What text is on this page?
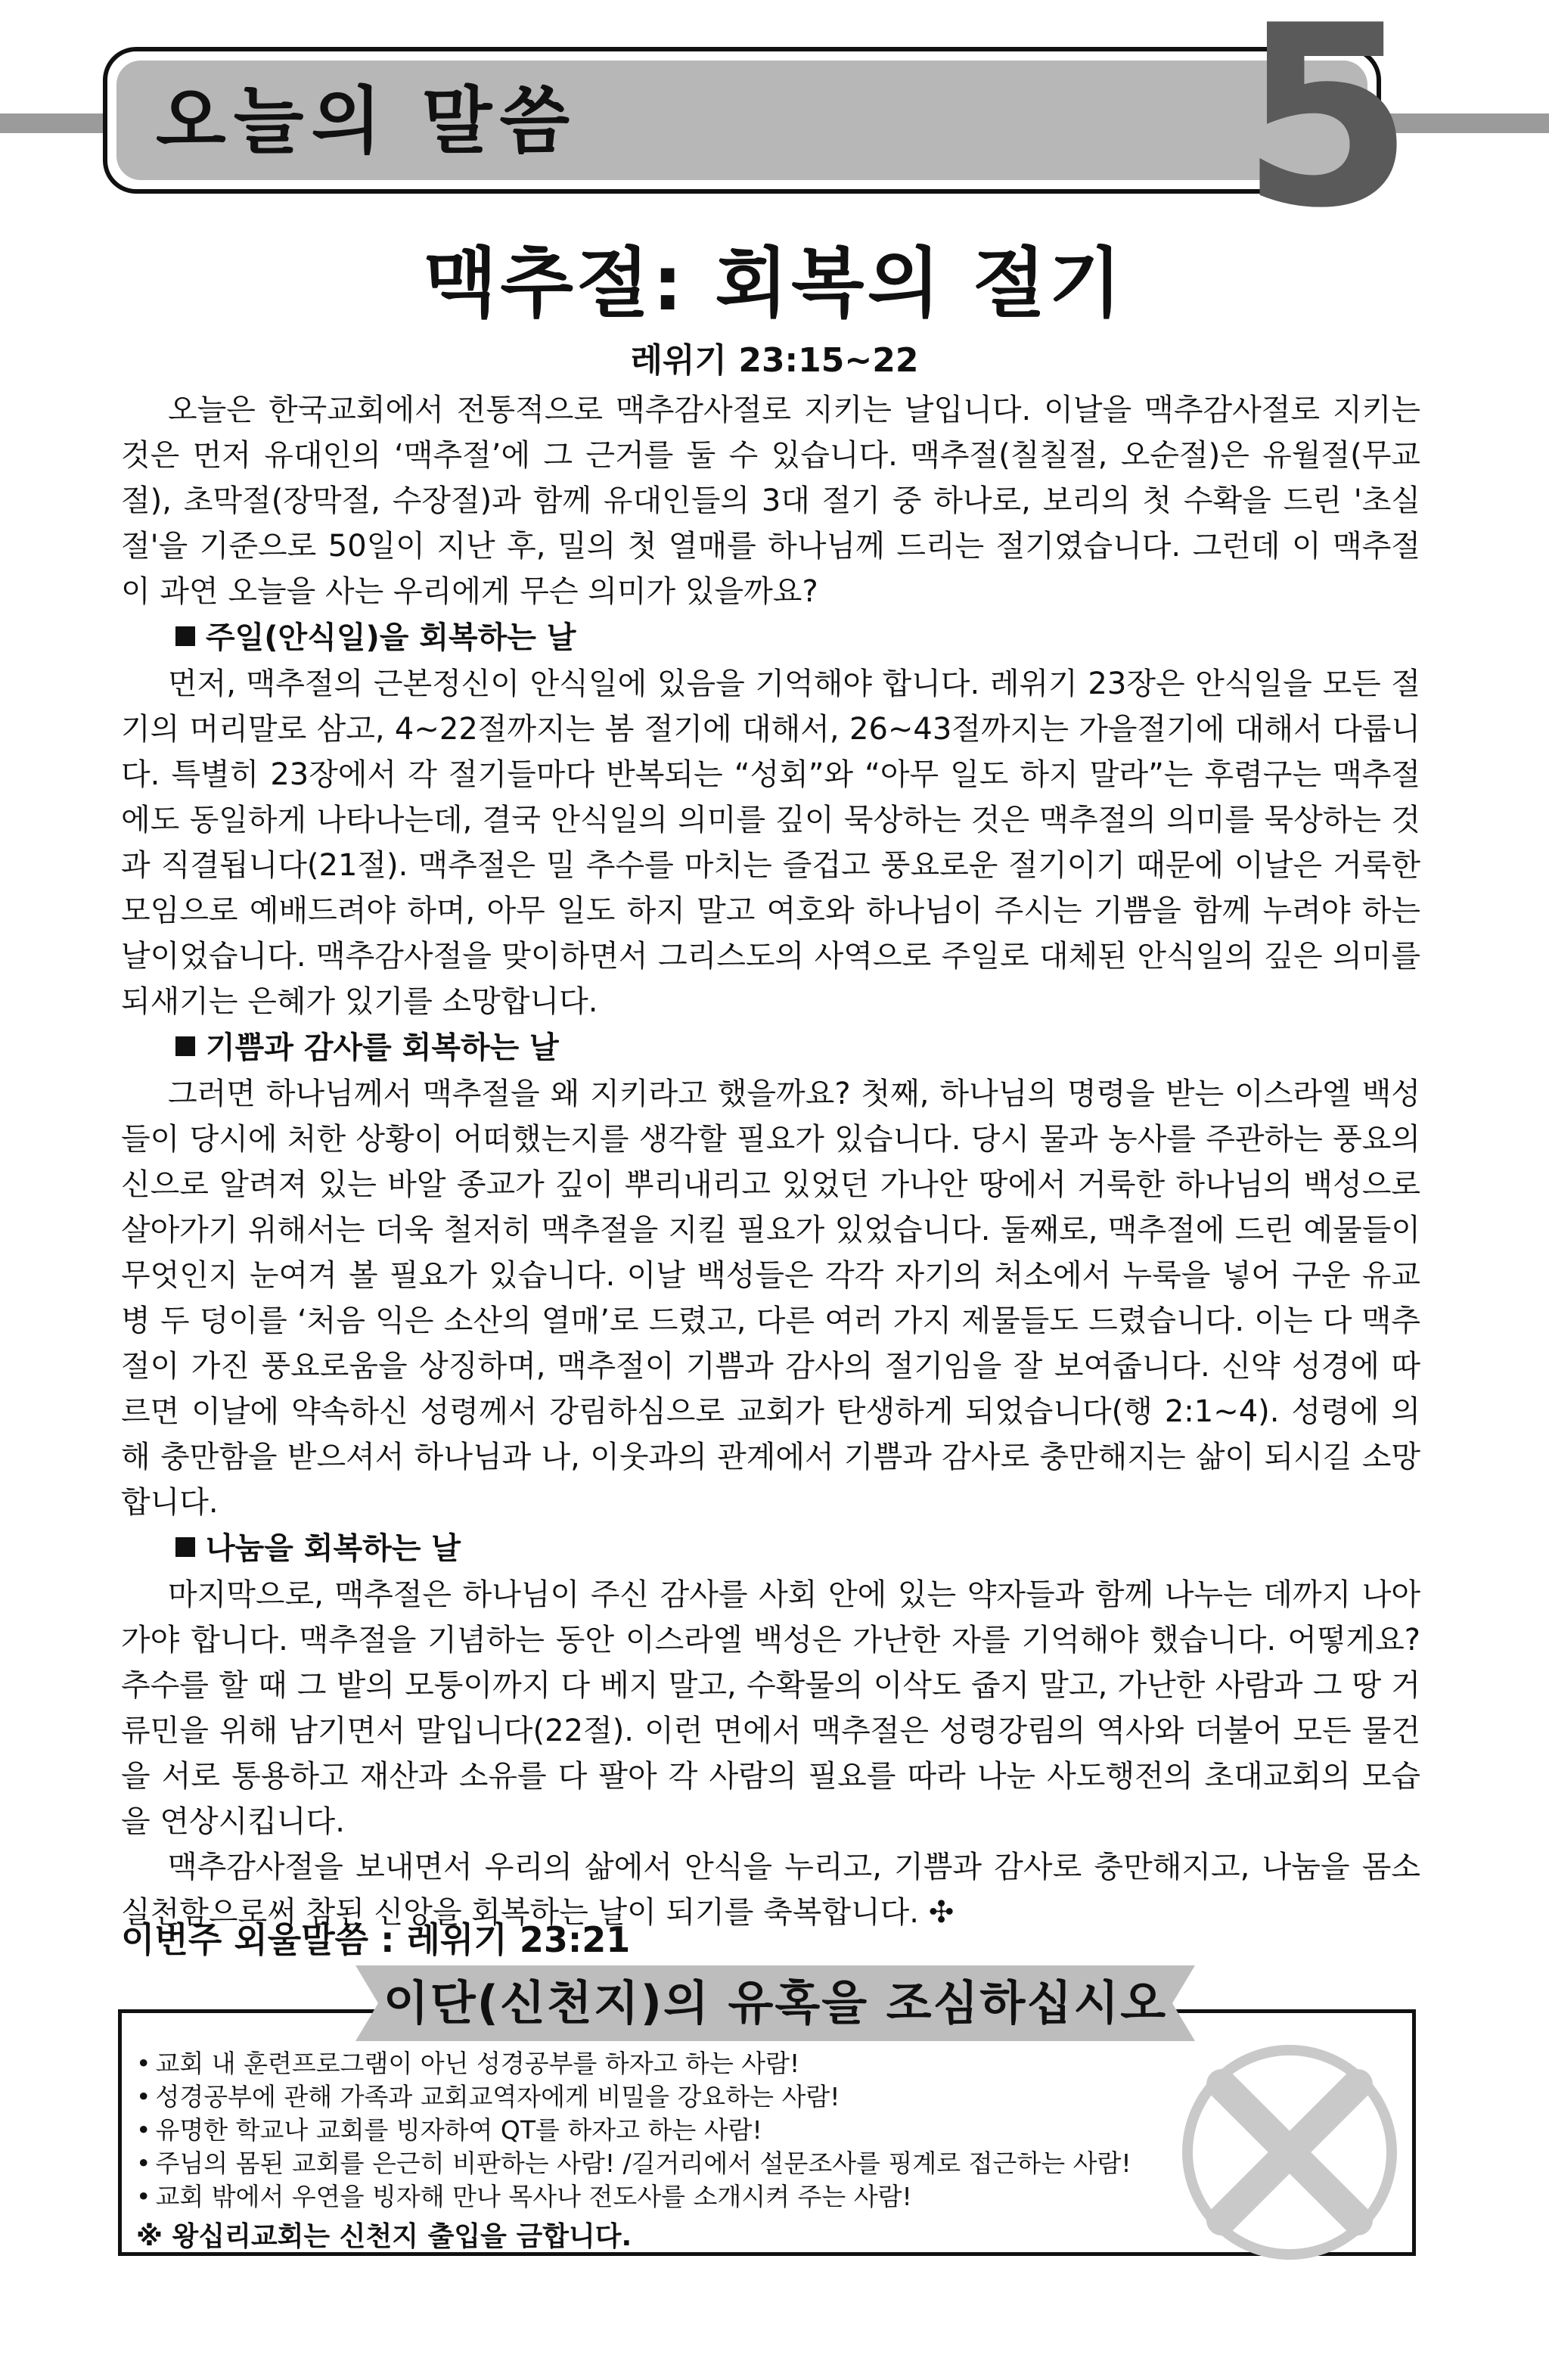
오늘의 말씀	5
맥추절: 회복의 절기
레위기 23:15~22

오늘은 한국교회에서 전통적으로 맥추감사절로 지키는 날입니다. 이날을 맥추감사절로 지키는 것은 먼저 유대인의 ‘맥추절’에 그 근거를 둘 수 있습니다. 맥추절(칠칠절, 오순절)은 유월절(무교절), 초막절(장막절, 수장절)과 함께 유대인들의 3대 절기 중 하나로, 보리의 첫 수확을 드린 '초실절'을 기준으로 50일이 지난 후, 밀의 첫 열매를 하나님께 드리는 절기였습니다. 그런데 이 맥추절이 과연 오늘을 사는 우리에게 무슨 의미가 있을까요?

주일(안식일)을 회복하는 날

먼저, 맥추절의 근본정신이 안식일에 있음을 기억해야 합니다. 레위기 23장은 안식일을 모든 절기의 머리말로 삼고, 4~22절까지는 봄 절기에 대해서, 26~43절까지는 가을절기에 대해서 다룹니다. 특별히 23장에서 각 절기들마다 반복되는 “성회”와 “아무 일도 하지 말라”는 후렴구는 맥추절에도 동일하게 나타나는데, 결국 안식일의 의미를 깊이 묵상하는 것은 맥추절의 의미를 묵상하는 것과 직결됩니다(21절). 맥추절은 밀 추수를 마치는 즐겁고 풍요로운 절기이기 때문에 이날은 거룩한 모임으로 예배드려야 하며, 아무 일도 하지 말고 여호와 하나님이 주시는 기쁨을 함께 누려야 하는 날이었습니다. 맥추감사절을 맞이하면서 그리스도의 사역으로 주일로 대체된 안식일의 깊은 의미를 되새기는 은혜가 있기를 소망합니다.

기쁨과 감사를 회복하는 날

그러면 하나님께서 맥추절을 왜 지키라고 했을까요? 첫째, 하나님의 명령을 받는 이스라엘 백성들이 당시에 처한 상황이 어떠했는지를 생각할 필요가 있습니다. 당시 물과 농사를 주관하는 풍요의 신으로 알려져 있는 바알 종교가 깊이 뿌리내리고 있었던 가나안 땅에서 거룩한 하나님의 백성으로 살아가기 위해서는 더욱 철저히 맥추절을 지킬 필요가 있었습니다. 둘째로, 맥추절에 드린 예물들이 무엇인지 눈여겨 볼 필요가 있습니다. 이날 백성들은 각각 자기의 처소에서 누룩을 넣어 구운 유교병 두 덩이를 ‘처음 익은 소산의 열매’로 드렸고, 다른 여러 가지 제물들도 드렸습니다. 이는 다 맥추절이 가진 풍요로움을 상징하며, 맥추절이 기쁨과 감사의 절기임을 잘 보여줍니다. 신약 성경에 따르면 이날에 약속하신 성령께서 강림하심으로 교회가 탄생하게 되었습니다(행 2:1~4). 성령에 의해 충만함을 받으셔서 하나님과 나, 이웃과의 관계에서 기쁨과 감사로 충만해지는 삶이 되시길 소망합니다.

나눔을 회복하는 날

마지막으로, 맥추절은 하나님이 주신 감사를 사회 안에 있는 약자들과 함께 나누는 데까지 나아가야 합니다. 맥추절을 기념하는 동안 이스라엘 백성은 가난한 자를 기억해야 했습니다. 어떻게요? 추수를 할 때 그 밭의 모퉁이까지 다 베지 말고, 수확물의 이삭도 줍지 말고, 가난한 사람과 그 땅 거류민을 위해 남기면서 말입니다(22절). 이런 면에서 맥추절은 성령강림의 역사와 더불어 모든 물건을 서로 통용하고 재산과 소유를 다 팔아 각 사람의 필요를 따라 나눈 사도행전의 초대교회의 모습을 연상시킵니다.

맥추감사절을 보내면서 우리의 삶에서 안식을 누리고, 기쁨과 감사로 충만해지고, 나눔을 몸소 실천함으로써 참된 신앙을 회복하는 날이 되기를 축복합니다. ✣

이번주 외울말씀 : 레위기 23:21
이단(신천지)의 유혹을 조심하십시오

• 교회 내 훈련프로그램이 아닌 성경공부를 하자고 하는 사람!

• 성경공부에 관해 가족과 교회교역자에게 비밀을 강요하는 사람!

• 유명한 학교나 교회를 빙자하여 QT를 하자고 하는 사람!

• 주님의 몸된 교회를 은근히 비판하는 사람! /길거리에서 설문조사를 핑계로 접근하는 사람!

• 교회 밖에서 우연을 빙자해 만나 목사나 전도사를 소개시켜 주는 사람!

※ 왕십리교회는 신천지 출입을 금합니다.
